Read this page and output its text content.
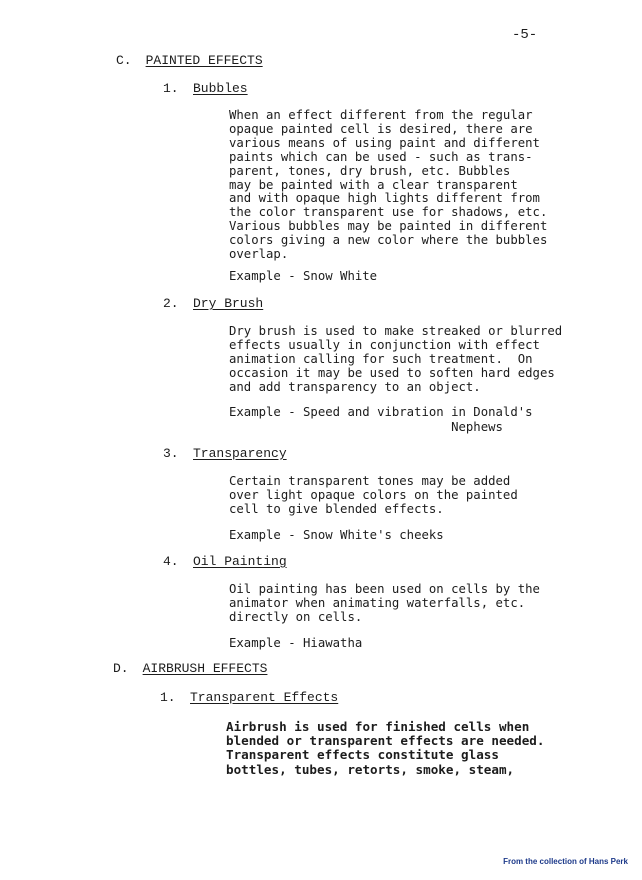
-5-
C. PAINTED EFFECTS
1. Bubbles
When an effect different from the regular
opaque painted cell is desired, there are
various means of using paint and different
paints which can be used - such as trans-
parent, tones, dry brush, etc. Bubbles
may be painted with a clear transparent
and with opaque high lights different from
the color transparent use for shadows, etc.
Various bubbles may be painted in different
colors giving a new color where the bubbles
overlap.
Example - Snow White
2. Dry Brush
Dry brush is used to make streaked or blurred
effects usually in conjunction with effect
animation calling for such treatment.  On
occasion it may be used to soften hard edges
and add transparency to an object.
Example - Speed and vibration in Donald's
Nephews
3. Transparency
Certain transparent tones may be added
over light opaque colors on the painted
cell to give blended effects.
Example - Snow White's cheeks
4. Oil Painting
Oil painting has been used on cells by the
animator when animating waterfalls, etc.
directly on cells.
Example - Hiawatha
D. AIRBRUSH EFFECTS
1. Transparent Effects
Airbrush is used for finished cells when
blended or transparent effects are needed.
Transparent effects constitute glass
bottles, tubes, retorts, smoke, steam,
From the collection of Hans Perk
